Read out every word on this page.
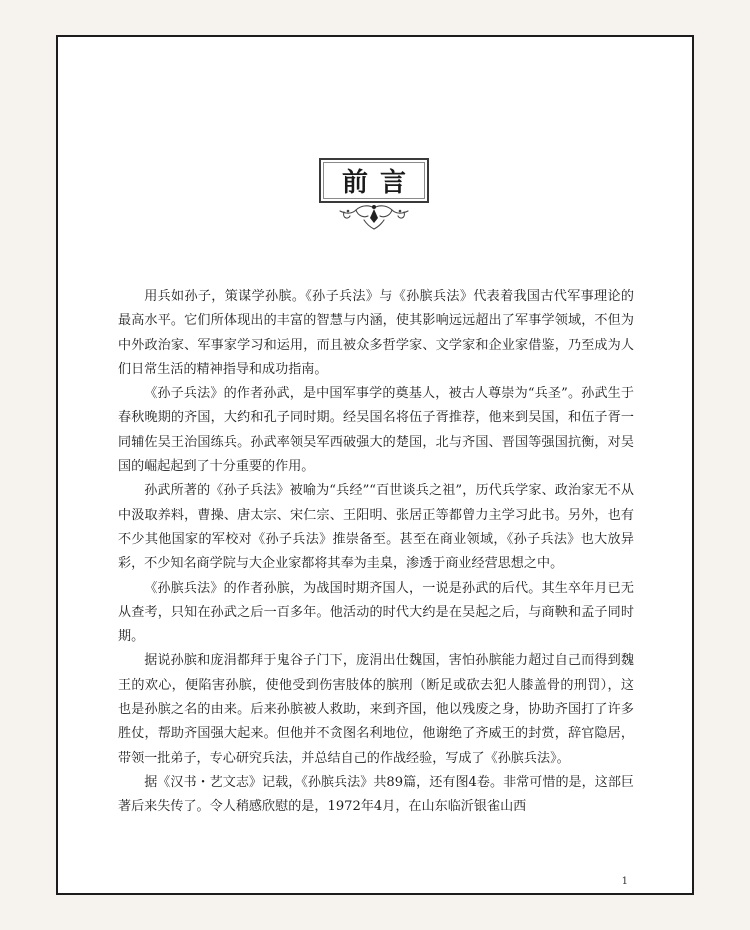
前言

用兵如孙子，策谋学孙膑。《孙子兵法》与《孙膑兵法》代表着我国古代军事理论的最高水平。它们所体现出的丰富的智慧与内涵，使其影响远远超出了军事学领域，不但为中外政治家、军事家学习和运用，而且被众多哲学家、文学家和企业家借鉴，乃至成为人们日常生活的精神指导和成功指南。

《孙子兵法》的作者孙武，是中国军事学的奠基人，被古人尊崇为“兵圣”。孙武生于春秋晚期的齐国，大约和孔子同时期。经吴国名将伍子胥推荐，他来到吴国，和伍子胥一同辅佐吴王治国练兵。孙武率领吴军西破强大的楚国，北与齐国、晋国等强国抗衡，对吴国的崛起起到了十分重要的作用。

孙武所著的《孙子兵法》被喻为“兵经”“百世谈兵之祖”，历代兵学家、政治家无不从中汲取养料，曹操、唐太宗、宋仁宗、王阳明、张居正等都曾力主学习此书。另外，也有不少其他国家的军校对《孙子兵法》推崇备至。甚至在商业领域，《孙子兵法》也大放异彩，不少知名商学院与大企业家都将其奉为圭臬，渗透于商业经营思想之中。

《孙膑兵法》的作者孙膑，为战国时期齐国人，一说是孙武的后代。其生卒年月已无从查考，只知在孙武之后一百多年。他活动的时代大约是在吴起之后，与商鞅和孟子同时期。

据说孙膑和庞涓都拜于鬼谷子门下，庞涓出仕魏国，害怕孙膑能力超过自己而得到魏王的欢心，便陷害孙膑，使他受到伤害肢体的膑刑（断足或砍去犯人膝盖骨的刑罚），这也是孙膑之名的由来。后来孙膑被人救助，来到齐国，他以残废之身，协助齐国打了许多胜仗，帮助齐国强大起来。但他并不贪图名利地位，他谢绝了齐威王的封赏，辞官隐居，带领一批弟子，专心研究兵法，并总结自己的作战经验，写成了《孙膑兵法》。

据《汉书・艺文志》记载，《孙膑兵法》共89篇，还有图4卷。非常可惜的是，这部巨著后来失传了。令人稍感欣慰的是，1972年4月，在山东临沂银雀山西

1
